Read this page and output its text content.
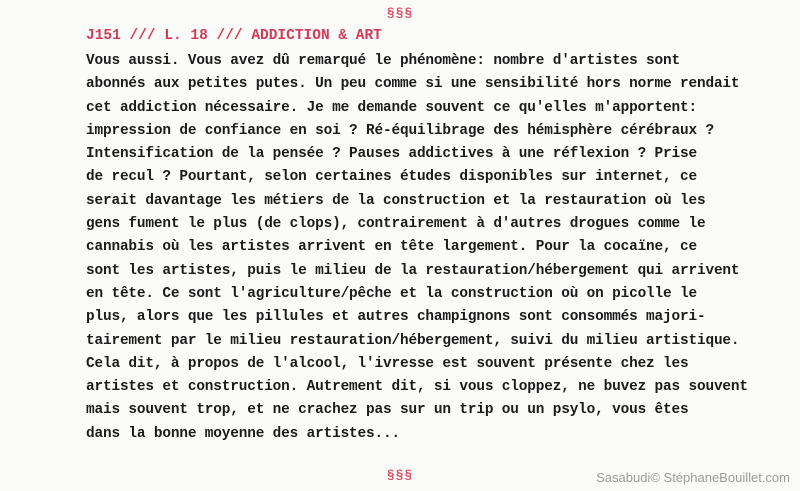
§§§
J151 /// L. 18 /// ADDICTION & ART
Vous aussi. Vous avez dû remarqué le phénomène: nombre d'artistes sont
abonnés aux petites putes. Un peu comme si une sensibilité hors norme rendait
cet addiction nécessaire. Je me demande souvent ce qu'elles m'apportent:
impression de confiance en soi ? Ré-équilibrage des hémisphère cérébraux ?
Intensification de la pensée ? Pauses addictives à une réflexion ? Prise
de recul ? Pourtant, selon certaines études disponibles sur internet, ce
serait davantage les métiers de la construction et la restauration où les
gens fument le plus (de clops), contrairement à d'autres drogues comme le
cannabis où les artistes arrivent en tête largement. Pour la cocaïne, ce
sont les artistes, puis le milieu de la restauration/hébergement qui arrivent
en tête. Ce sont l'agriculture/pêche et la construction où on picolle le
plus, alors que les pillules et autres champignons sont consommés majori-
tairement par le milieu restauration/hébergement, suivi du milieu artistique.
Cela dit, à propos de l'alcool, l'ivresse est souvent présente chez les
artistes et construction. Autrement dit, si vous cloppez, ne buvez pas souvent
mais souvent trop, et ne crachez pas sur un trip ou un psylo, vous êtes
dans la bonne moyenne des artistes...
§§§	Sasabudi© StéphaneBouillet.com
